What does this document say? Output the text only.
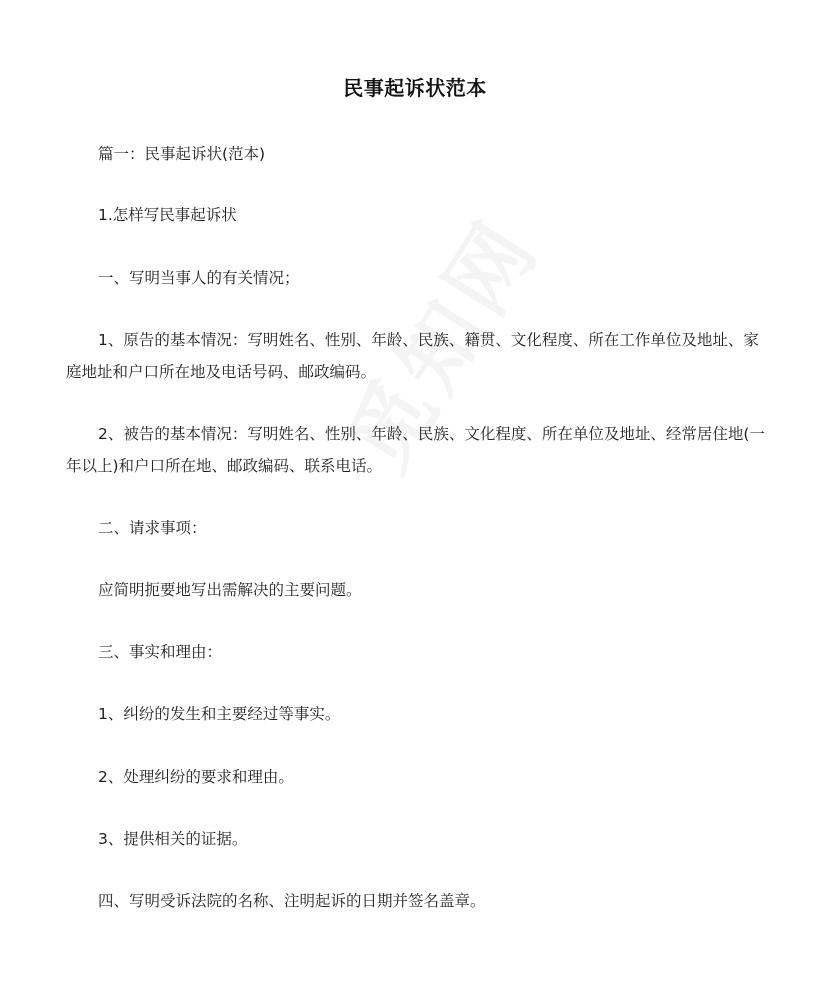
民事起诉状范本
篇一：民事起诉状(范本)
1.怎样写民事起诉状
一、写明当事人的有关情况；
1、原告的基本情况：写明姓名、性别、年龄、民族、籍贯、文化程度、所在工作单位及地址、家庭地址和户口所在地及电话号码、邮政编码。
2、被告的基本情况：写明姓名、性别、年龄、民族、文化程度、所在单位及地址、经常居住地(一年以上)和户口所在地、邮政编码、联系电话。
二、请求事项：
应简明扼要地写出需解决的主要问题。
三、事实和理由：
1、纠纷的发生和主要经过等事实。
2、处理纠纷的要求和理由。
3、提供相关的证据。
四、写明受诉法院的名称、注明起诉的日期并签名盖章。
